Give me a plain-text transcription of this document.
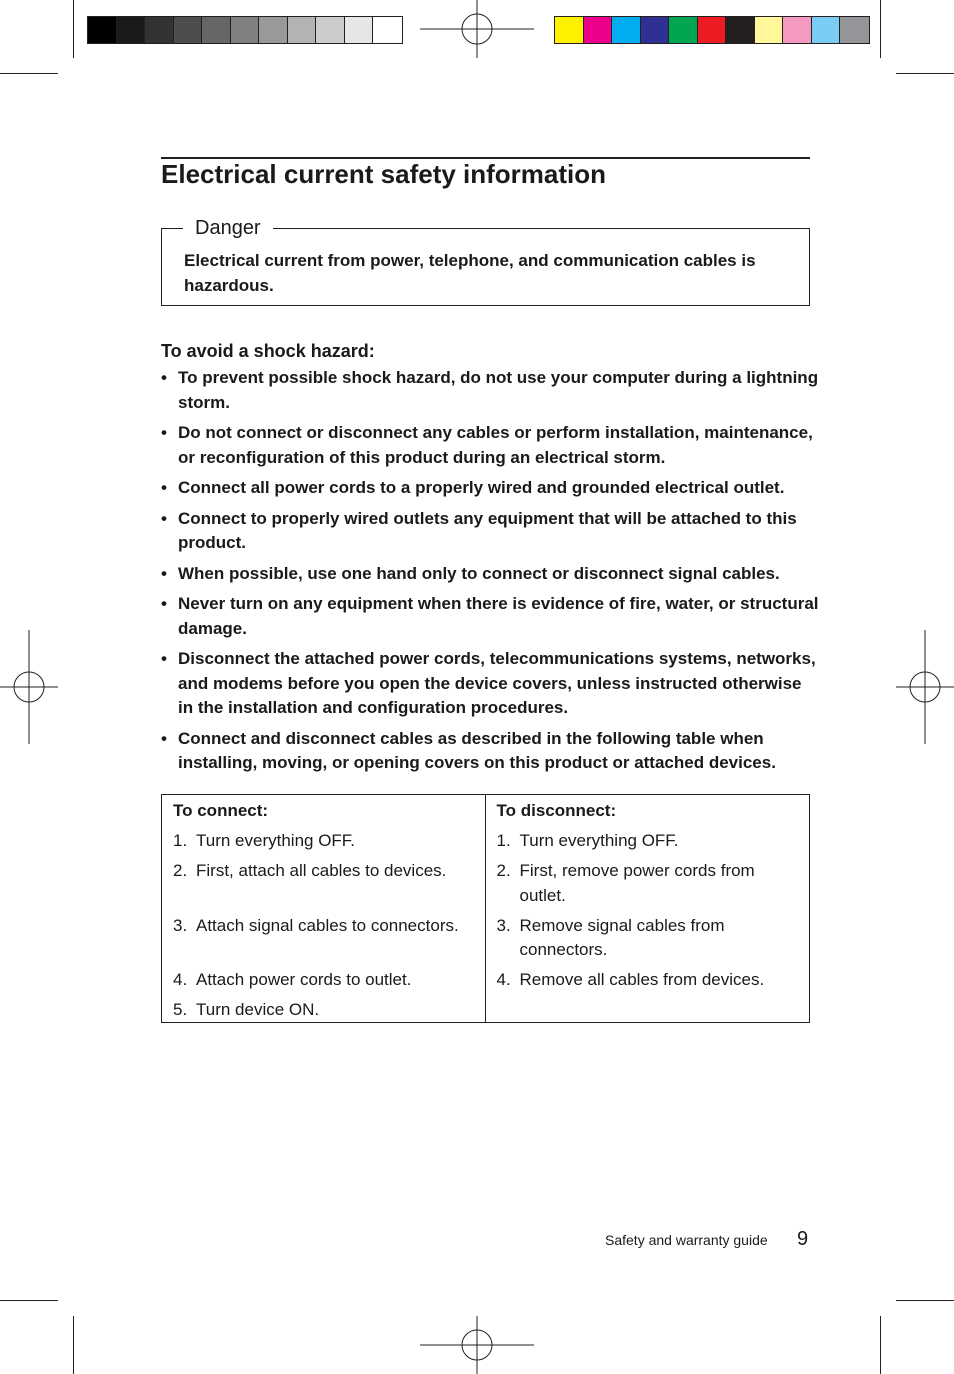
Electrical current safety information
Danger
Electrical current from power, telephone, and communication cables is hazardous.
To avoid a shock hazard:
• To prevent possible shock hazard, do not use your computer during a lightning storm.
• Do not connect or disconnect any cables or perform installation, maintenance, or reconfiguration of this product during an electrical storm.
• Connect all power cords to a properly wired and grounded electrical outlet.
• Connect to properly wired outlets any equipment that will be attached to this product.
• When possible, use one hand only to connect or disconnect signal cables.
• Never turn on any equipment when there is evidence of fire, water, or structural damage.
• Disconnect the attached power cords, telecommunications systems, networks, and modems before you open the device covers, unless instructed otherwise in the installation and configuration procedures.
• Connect and disconnect cables as described in the following table when installing, moving, or opening covers on this product or attached devices.
To connect:
1. Turn everything OFF.
2. First, attach all cables to devices.
3. Attach signal cables to connectors.
4. Attach power cords to outlet.
5. Turn device ON.
To disconnect:
1. Turn everything OFF.
2. First, remove power cords from outlet.
3. Remove signal cables from connectors.
4. Remove all cables from devices.
Safety and warranty guide 9
